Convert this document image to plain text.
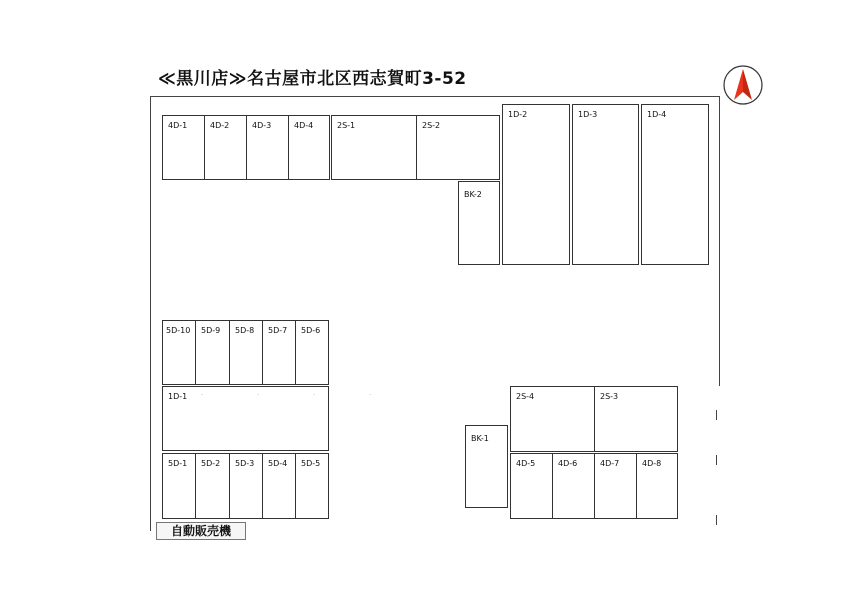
≪黒川店≫名古屋市北区西志賀町3-52	N
4D-1	4D-2	4D-3	4D-4	2S-1	2S-2
BK-2
1D-2	1D-3	1D-4
5D-10 5D-9 5D-8 5D-7 5D-6
1D-1 - - - -
5D-1 5D-2 5D-3 5D-4 5D-5
BK-1
2S-4	2S-3
4D-5	4D-6	4D-7	4D-8
自動販売機
